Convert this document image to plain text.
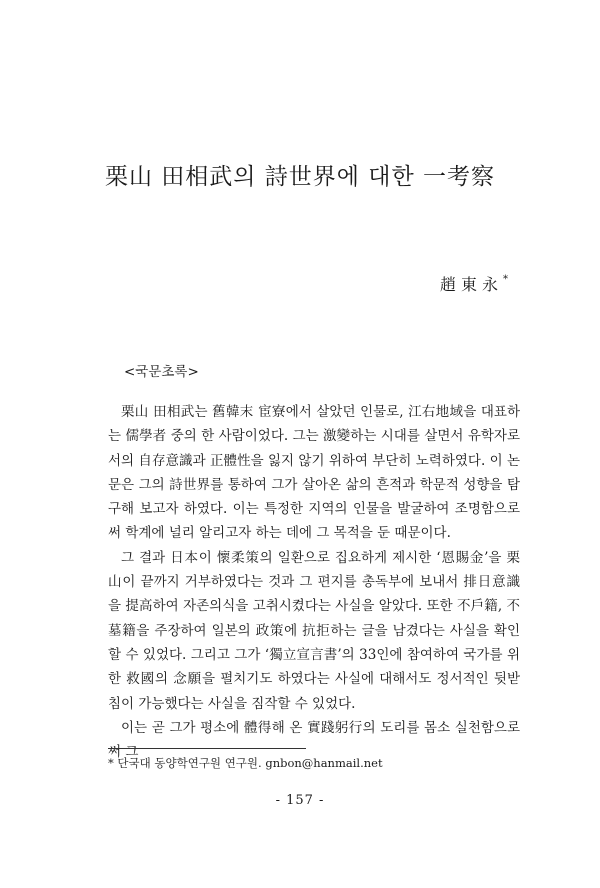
栗山 田相武의 詩世界에 대한 一考察
趙東永*
<국문초록>

栗山 田相武는 舊韓末 宦寮에서 살았던 인물로, 江右地域을 대표하는 儒學者 중의 한 사람이었다. 그는 激變하는 시대를 살면서 유학자로서의 自存意識과 正體性을 잃지 않기 위하여 부단히 노력하였다. 이 논문은 그의 詩世界를 통하여 그가 살아온 삶의 흔적과 학문적 성향을 탐구해 보고자 하였다. 이는 특정한 지역의 인물을 발굴하여 조명함으로써 학계에 널리 알리고자 하는 데에 그 목적을 둔 때문이다.

그 결과 日本이 懷柔策의 일환으로 집요하게 제시한 ‘恩賜金’을 栗山이 끝까지 거부하였다는 것과 그 편지를 총독부에 보내서 排日意識을 提高하여 자존의식을 고취시켰다는 사실을 알았다. 또한 不戶籍, 不墓籍을 주장하여 일본의 政策에 抗拒하는 글을 남겼다는 사실을 확인할 수 있었다. 그리고 그가 ‘獨立宣言書’의 33인에 참여하여 국가를 위한 救國의 念願을 펼치기도 하였다는 사실에 대해서도 정서적인 뒷받침이 가능했다는 사실을 짐작할 수 있었다.

이는 곧 그가 평소에 體得해 온 實踐躬行의 도리를 몸소 실천함으로써 그

* 단국대 동양학연구원 연구원. gnbon@hanmail.net
- 157 -
